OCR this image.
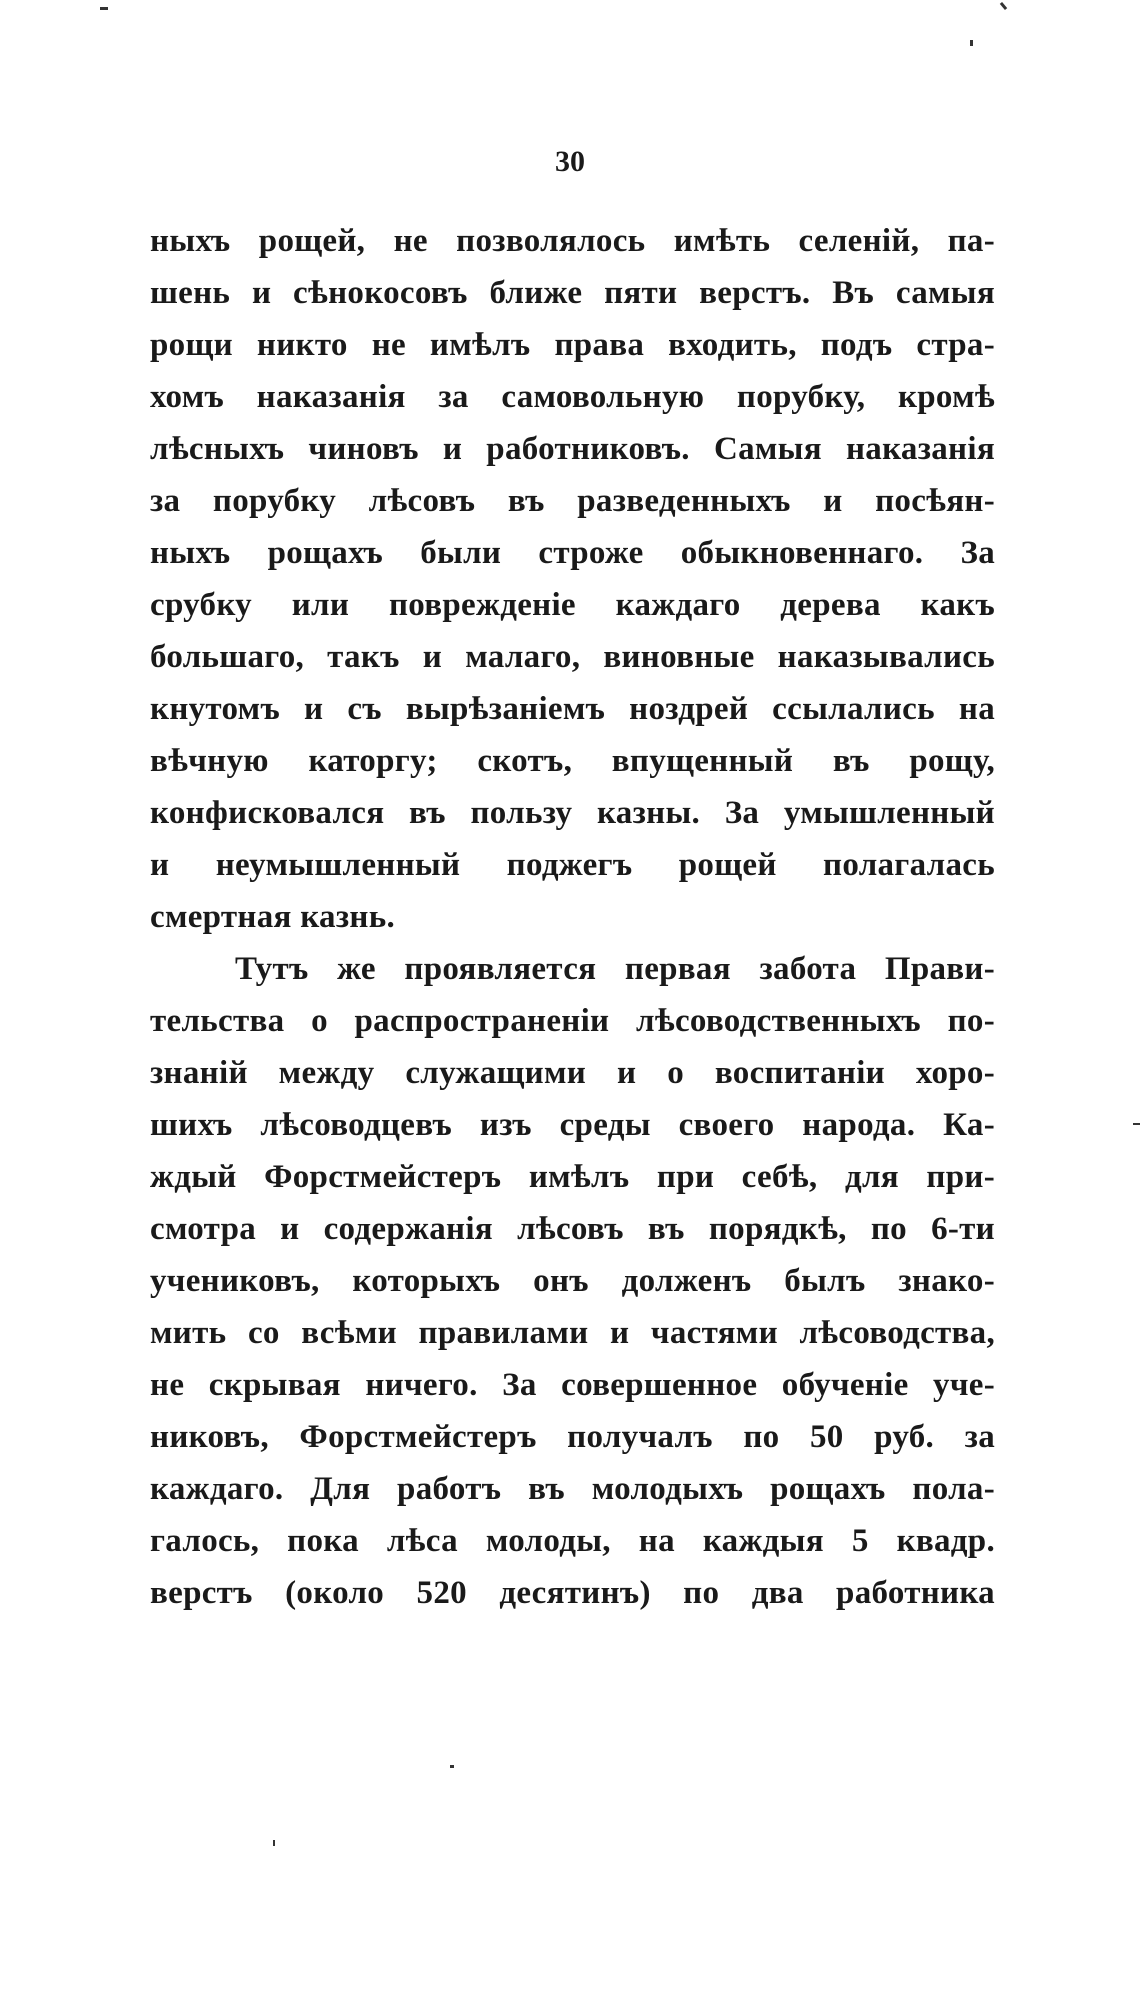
30
ныхъ рощей, не позволялось имѣть селенiй, па-
шень и сѣнокосовъ ближе пяти верстъ. Въ самыя
рощи никто не имѣлъ права входить, подъ стра-
хомъ наказанiя за самовольную порубку, кромѣ
лѣсныхъ чиновъ и работниковъ. Самыя наказанiя
за порубку лѣсовъ въ разведенныхъ и посѣян-
ныхъ рощахъ были строже обыкновеннаго. За
срубку или поврежденiе каждаго дерева какъ
большаго, такъ и малаго, виновные наказывались
кнутомъ и съ вырѣзанiемъ ноздрей ссылались на
вѣчную каторгу; скотъ, впущенный въ рощу,
конфисковался въ пользу казны. За умышленный
и неумышленный поджегъ рощей полагалась
смертная казнь.
Тутъ же проявляется первая забота Прави-
тельства о распространенiи лѣсоводственныхъ по-
знанiй между служащими и о воспитанiи хоро-
шихъ лѣсоводцевъ изъ среды своего народа. Ка-
ждый Форстмейстеръ имѣлъ при себѣ, для при-
смотра и содержанiя лѣсовъ въ порядкѣ, по 6-ти
учениковъ, которыхъ онъ долженъ былъ знако-
мить со всѣми правилами и частями лѣсоводства,
не скрывая ничего. За совершенное обученiе уче-
никовъ, Форстмейстеръ получалъ по 50 руб. за
каждаго. Для работъ въ молодыхъ рощахъ пола-
галось, пока лѣса молоды, на каждыя 5 квадр.
верстъ (около 520 десятинъ) по два работника
